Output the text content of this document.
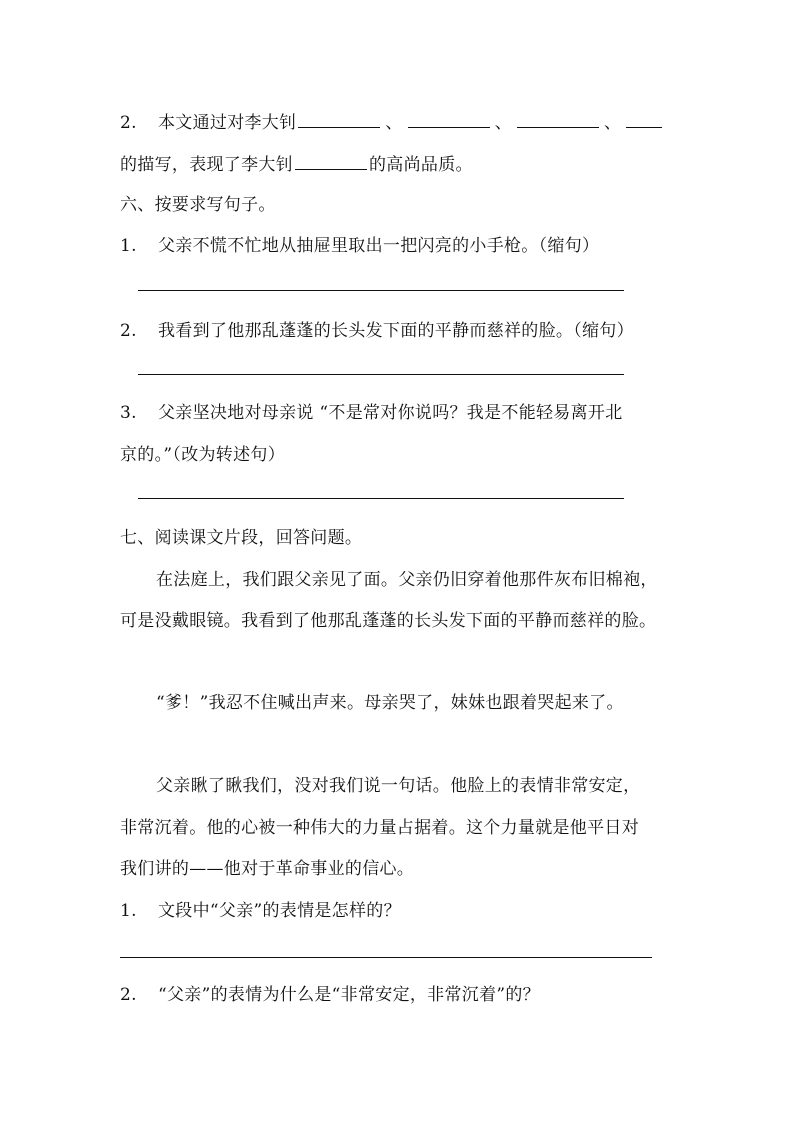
2. 本文通过对李大钊	、	、	、
的描写，表现了李大钊	的高尚品质。
六、按要求写句子。
1. 父亲不慌不忙地从抽屉里取出一把闪亮的小手枪。（缩句）
2. 我看到了他那乱蓬蓬的长头发下面的平静而慈祥的脸。（缩句）
3. 父亲坚决地对母亲说 “不是常对你说吗？我是不能轻易离开北
京的。”（改为转述句）
七、阅读课文片段，回答问题。
在法庭上，我们跟父亲见了面。父亲仍旧穿着他那件灰布旧棉袍，
可是没戴眼镜。我看到了他那乱蓬蓬的长头发下面的平静而慈祥的脸。
“爹！”我忍不住喊出声来。母亲哭了，妹妹也跟着哭起来了。
父亲瞅了瞅我们，没对我们说一句话。他脸上的表情非常安定，
非常沉着。他的心被一种伟大的力量占据着。这个力量就是他平日对
我们讲的——他对于革命事业的信心。
1. 文段中“父亲”的表情是怎样的？
2. “父亲”的表情为什么是“非常安定，非常沉着”的？
